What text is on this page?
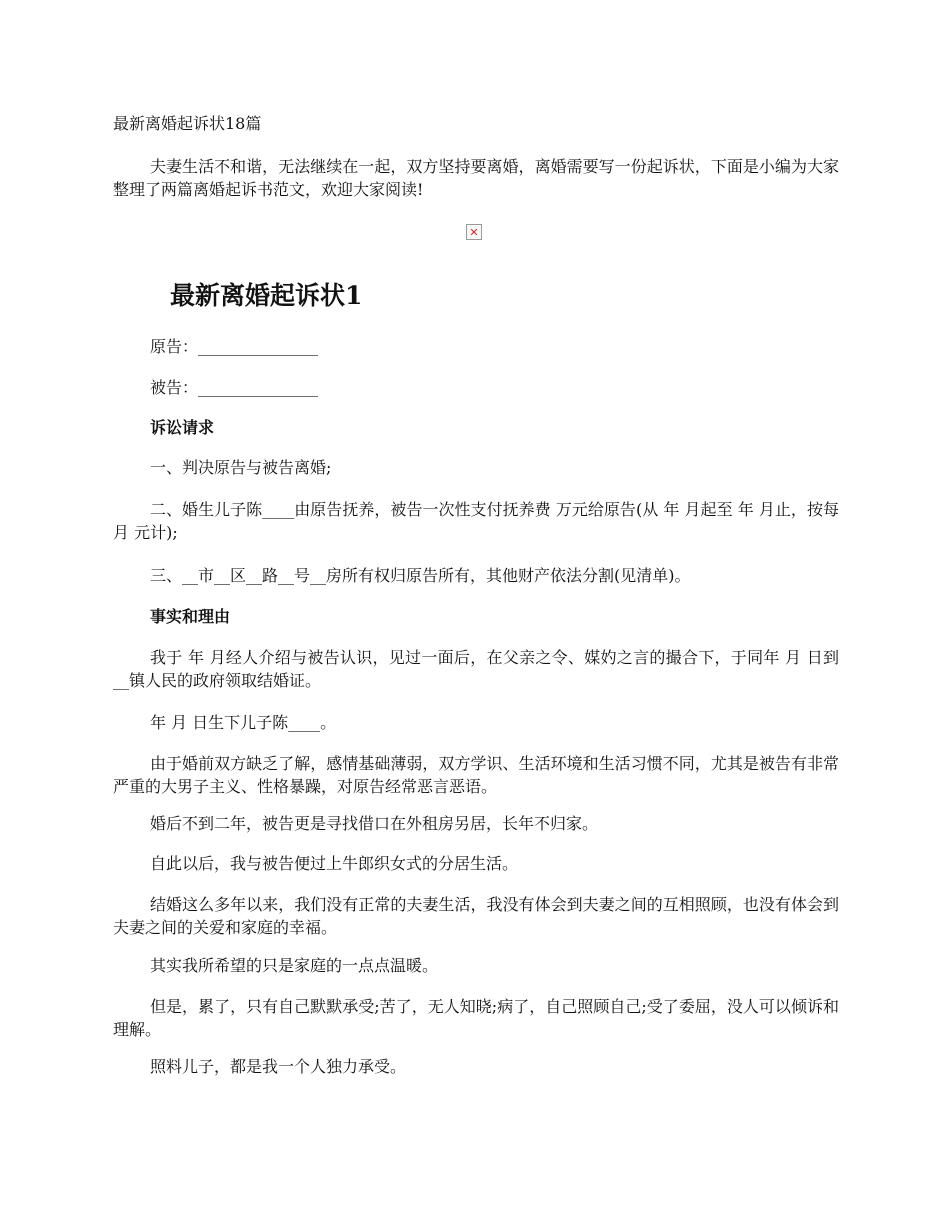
最新离婚起诉状18篇

夫妻生活不和谐，无法继续在一起，双方坚持要离婚，离婚需要写一份起诉状，下面是小编为大家整理了两篇离婚起诉书范文，欢迎大家阅读!

✕
最新离婚起诉状1

原告：_______________

被告：_______________

诉讼请求

一、判决原告与被告离婚;

二、婚生儿子陈____由原告抚养，被告一次性支付抚养费 万元给原告(从 年 月起至 年 月止，按每月 元计);

三、__市__区__路__号__房所有权归原告所有，其他财产依法分割(见清单)。

事实和理由

我于 年 月经人介绍与被告认识，见过一面后，在父亲之令、媒妁之言的撮合下，于同年 月 日到__镇人民的政府领取结婚证。

年 月 日生下儿子陈____。

由于婚前双方缺乏了解，感情基础薄弱，双方学识、生活环境和生活习惯不同，尤其是被告有非常严重的大男子主义、性格暴躁，对原告经常恶言恶语。

婚后不到二年，被告更是寻找借口在外租房另居，长年不归家。

自此以后，我与被告便过上牛郎织女式的分居生活。

结婚这么多年以来，我们没有正常的夫妻生活，我没有体会到夫妻之间的互相照顾，也没有体会到夫妻之间的关爱和家庭的幸福。

其实我所希望的只是家庭的一点点温暖。

但是，累了，只有自己默默承受;苦了，无人知晓;病了，自己照顾自己;受了委屈，没人可以倾诉和理解。

照料儿子，都是我一个人独力承受。
